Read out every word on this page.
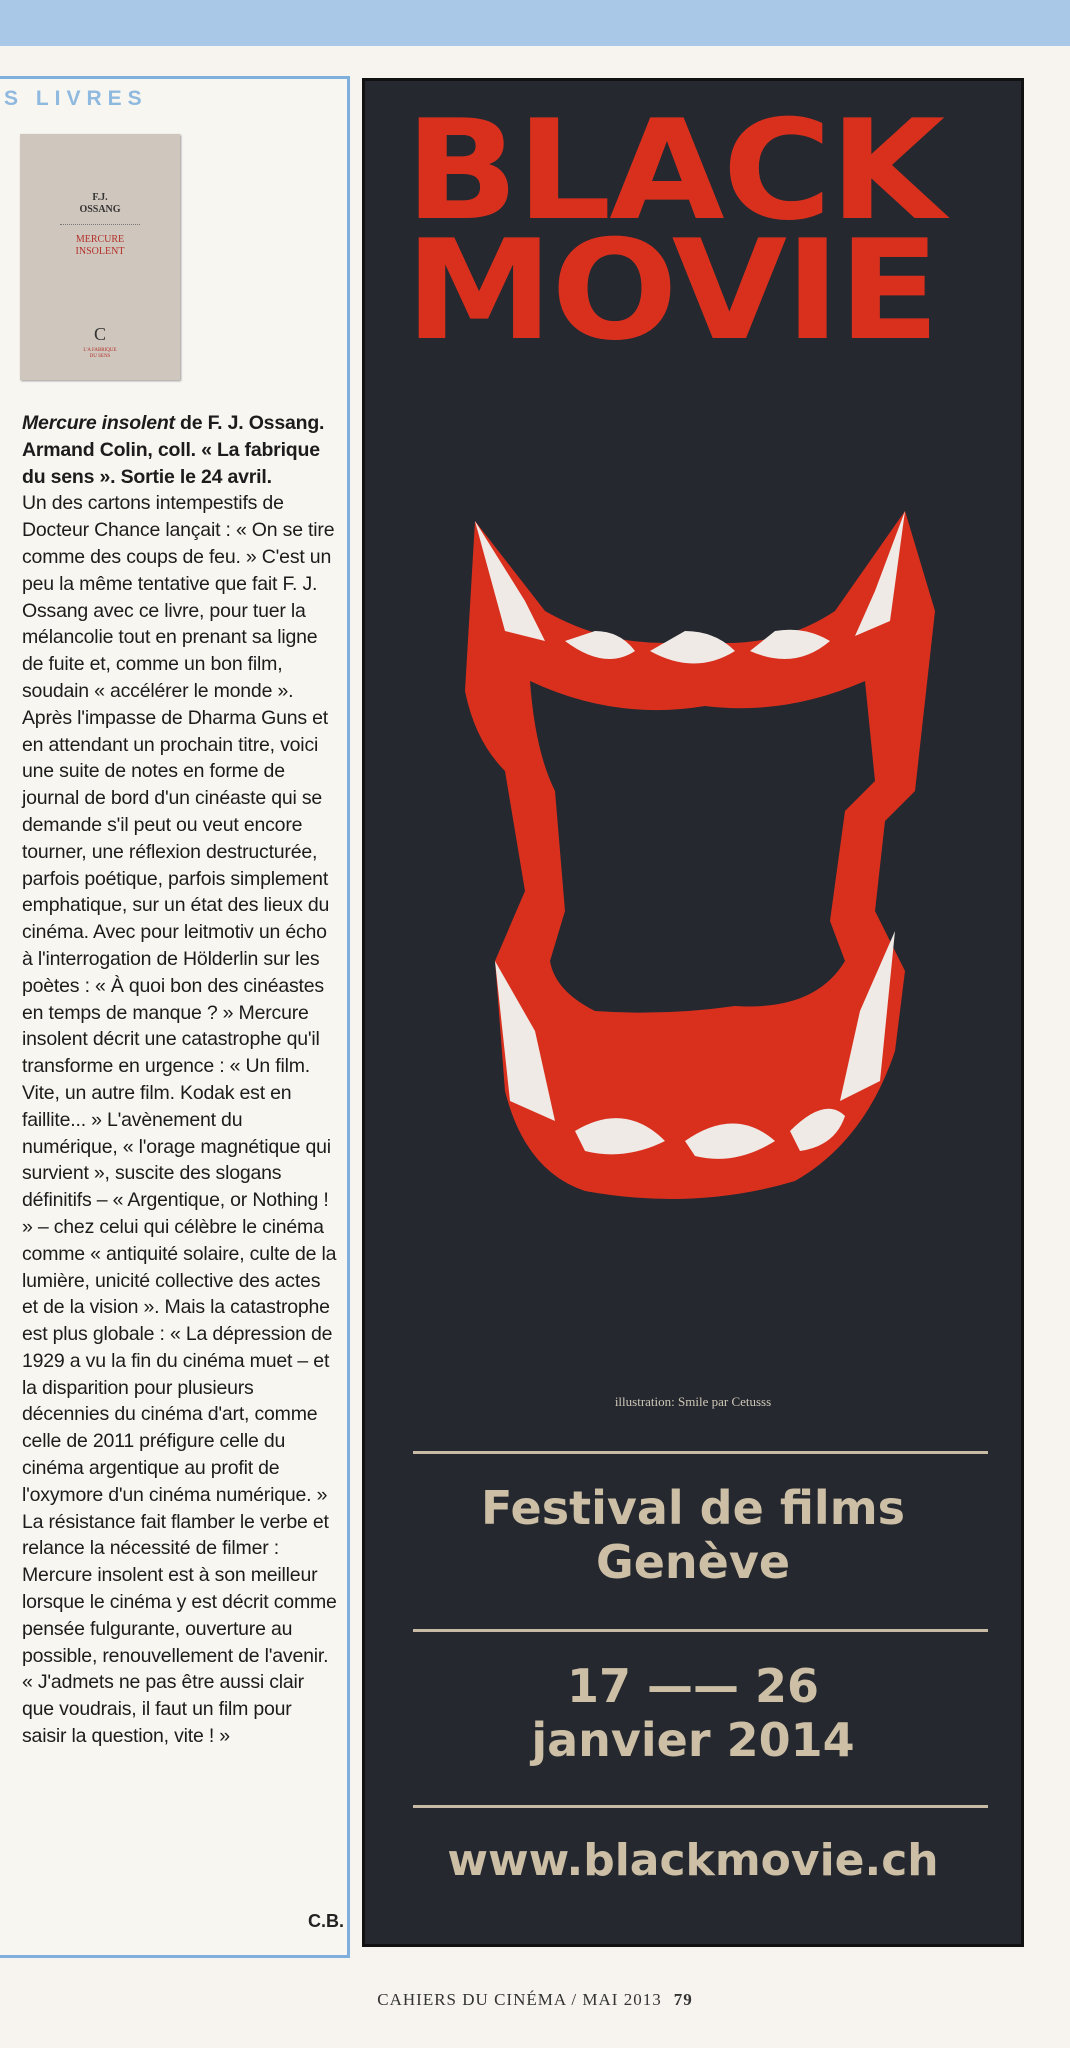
S LIVRES
F.J.
OSSANG
MERCURE
INSOLENT
C
L'A FABRIQUE
DU SENS

Mercure insolent de F. J. Ossang. Armand Colin, coll. « La fabrique du sens ». Sortie le 24 avril.

Un des cartons intempestifs de Docteur Chance lançait : « On se tire comme des coups de feu. » C'est un peu la même tentative que fait F. J. Ossang avec ce livre, pour tuer la mélancolie tout en prenant sa ligne de fuite et, comme un bon film, soudain « accélérer le monde ». Après l'impasse de Dharma Guns et en attendant un prochain titre, voici une suite de notes en forme de journal de bord d'un cinéaste qui se demande s'il peut ou veut encore tourner, une réflexion destructurée, parfois poétique, parfois simplement emphatique, sur un état des lieux du cinéma. Avec pour leitmotiv un écho à l'interrogation de Hölderlin sur les poètes : « À quoi bon des cinéastes en temps de manque ? » Mercure insolent décrit une catastrophe qu'il transforme en urgence : « Un film. Vite, un autre film. Kodak est en faillite... » L'avènement du numérique, « l'orage magnétique qui survient », suscite des slogans définitifs – « Argentique, or Nothing ! » – chez celui qui célèbre le cinéma comme « antiquité solaire, culte de la lumière, unicité collective des actes et de la vision ». Mais la catastrophe est plus globale : « La dépression de 1929 a vu la fin du cinéma muet – et la disparition pour plusieurs décennies du cinéma d'art, comme celle de 2011 préfigure celle du cinéma argentique au profit de l'oxymore d'un cinéma numérique. » La résistance fait flamber le verbe et relance la nécessité de filmer : Mercure insolent est à son meilleur lorsque le cinéma y est décrit comme pensée fulgurante, ouverture au possible, renouvellement de l'avenir. « J'admets ne pas être aussi clair que voudrais, il faut un film pour saisir la question, vite ! »

C.B.
BLACK
MOVIE
illustration: Smile par Cetusss
Festival de films
Genève
17 —— 26
janvier 2014
www.blackmovie.ch
CAHIERS DU CINÉMA / MAI 2013 79
